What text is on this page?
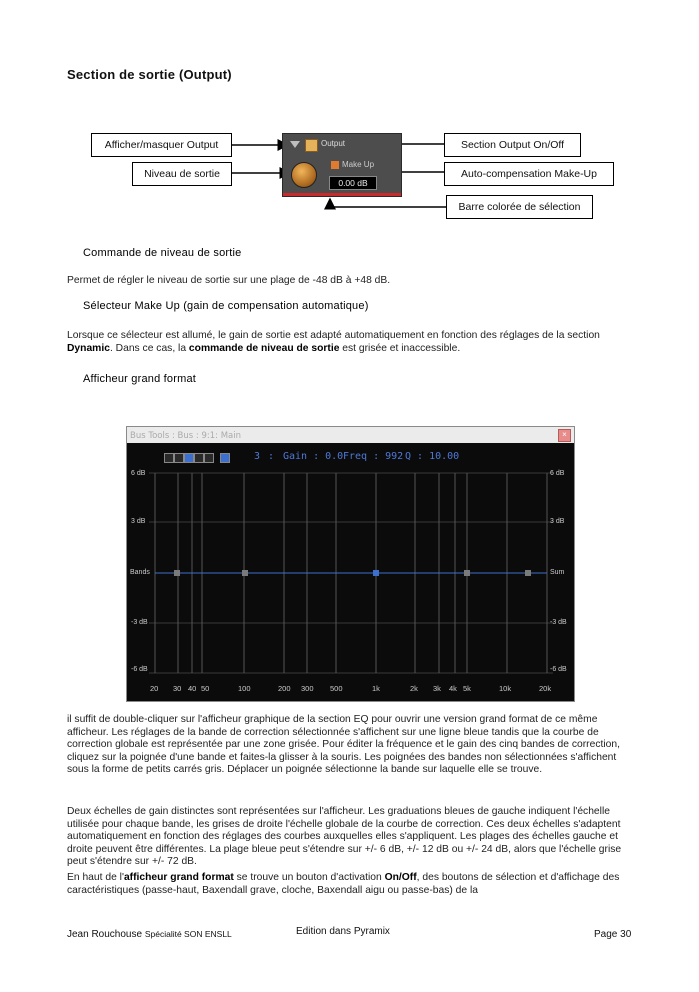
Section de sortie (Output)
Afficher/masquer Output
Niveau de sortie
Section Output On/Off
Auto-compensation Make-Up
Barre colorée de sélection
Output
Make Up
0.00 dB
Commande de niveau de sortie
Permet de régler le niveau de sortie sur une plage de -48 dB à +48 dB.
Sélecteur Make Up (gain de compensation automatique)
Lorsque ce sélecteur est allumé, le gain de sortie est adapté automatiquement en fonction des réglages de la section Dynamic. Dans ce cas, la commande de niveau de sortie est grisée et inaccessible.
Afficheur grand format
Bus Tools : Bus : 9:1: Main	×
3 : Gain : 0.0 Freq : 992 Q : 10.00
6 dB
3 dB
Bands
-3 dB
-6 dB
6 dB
3 dB
Sum
-3 dB
-6 dB
20 30 40 50	100	200 300 500	1k	2k 3k 4k 5k	10k	20k
il suffit de double-cliquer sur l'afficheur graphique de la section EQ pour ouvrir une version grand format de ce même afficheur. Les réglages de la bande de correction sélectionnée s'affichent sur une ligne bleue tandis que la courbe de correction globale est représentée par une zone grisée. Pour éditer la fréquence et le gain des cinq bandes de correction, cliquez sur la poignée d'une bande et faites-la glisser à la souris. Les poignées des bandes non sélectionnées s'affichent sous la forme de petits carrés gris. Déplacer un poignée sélectionne la bande sur laquelle elle se trouve.
Deux échelles de gain distinctes sont représentées sur l'afficheur. Les graduations bleues de gauche indiquent l'échelle utilisée pour chaque bande, les grises de droite l'échelle globale de la courbe de correction. Ces deux échelles s'adaptent automatiquement en fonction des réglages des courbes auxquelles elles s'appliquent. Les plages des échelles gauche et droite peuvent être différentes. La plage bleue peut s'étendre sur +/- 6 dB, +/- 12 dB ou +/- 24 dB, alors que l'échelle grise peut s'étendre sur +/- 72 dB.
En haut de l'afficheur grand format se trouve un bouton d'activation On/Off, des boutons de sélection et d'affichage des caractéristiques (passe-haut, Baxendall grave, cloche, Baxendall aigu ou passe-bas) de la
Jean Rouchouse Spécialité SON ENSLL	Edition dans Pyramix	Page 30
